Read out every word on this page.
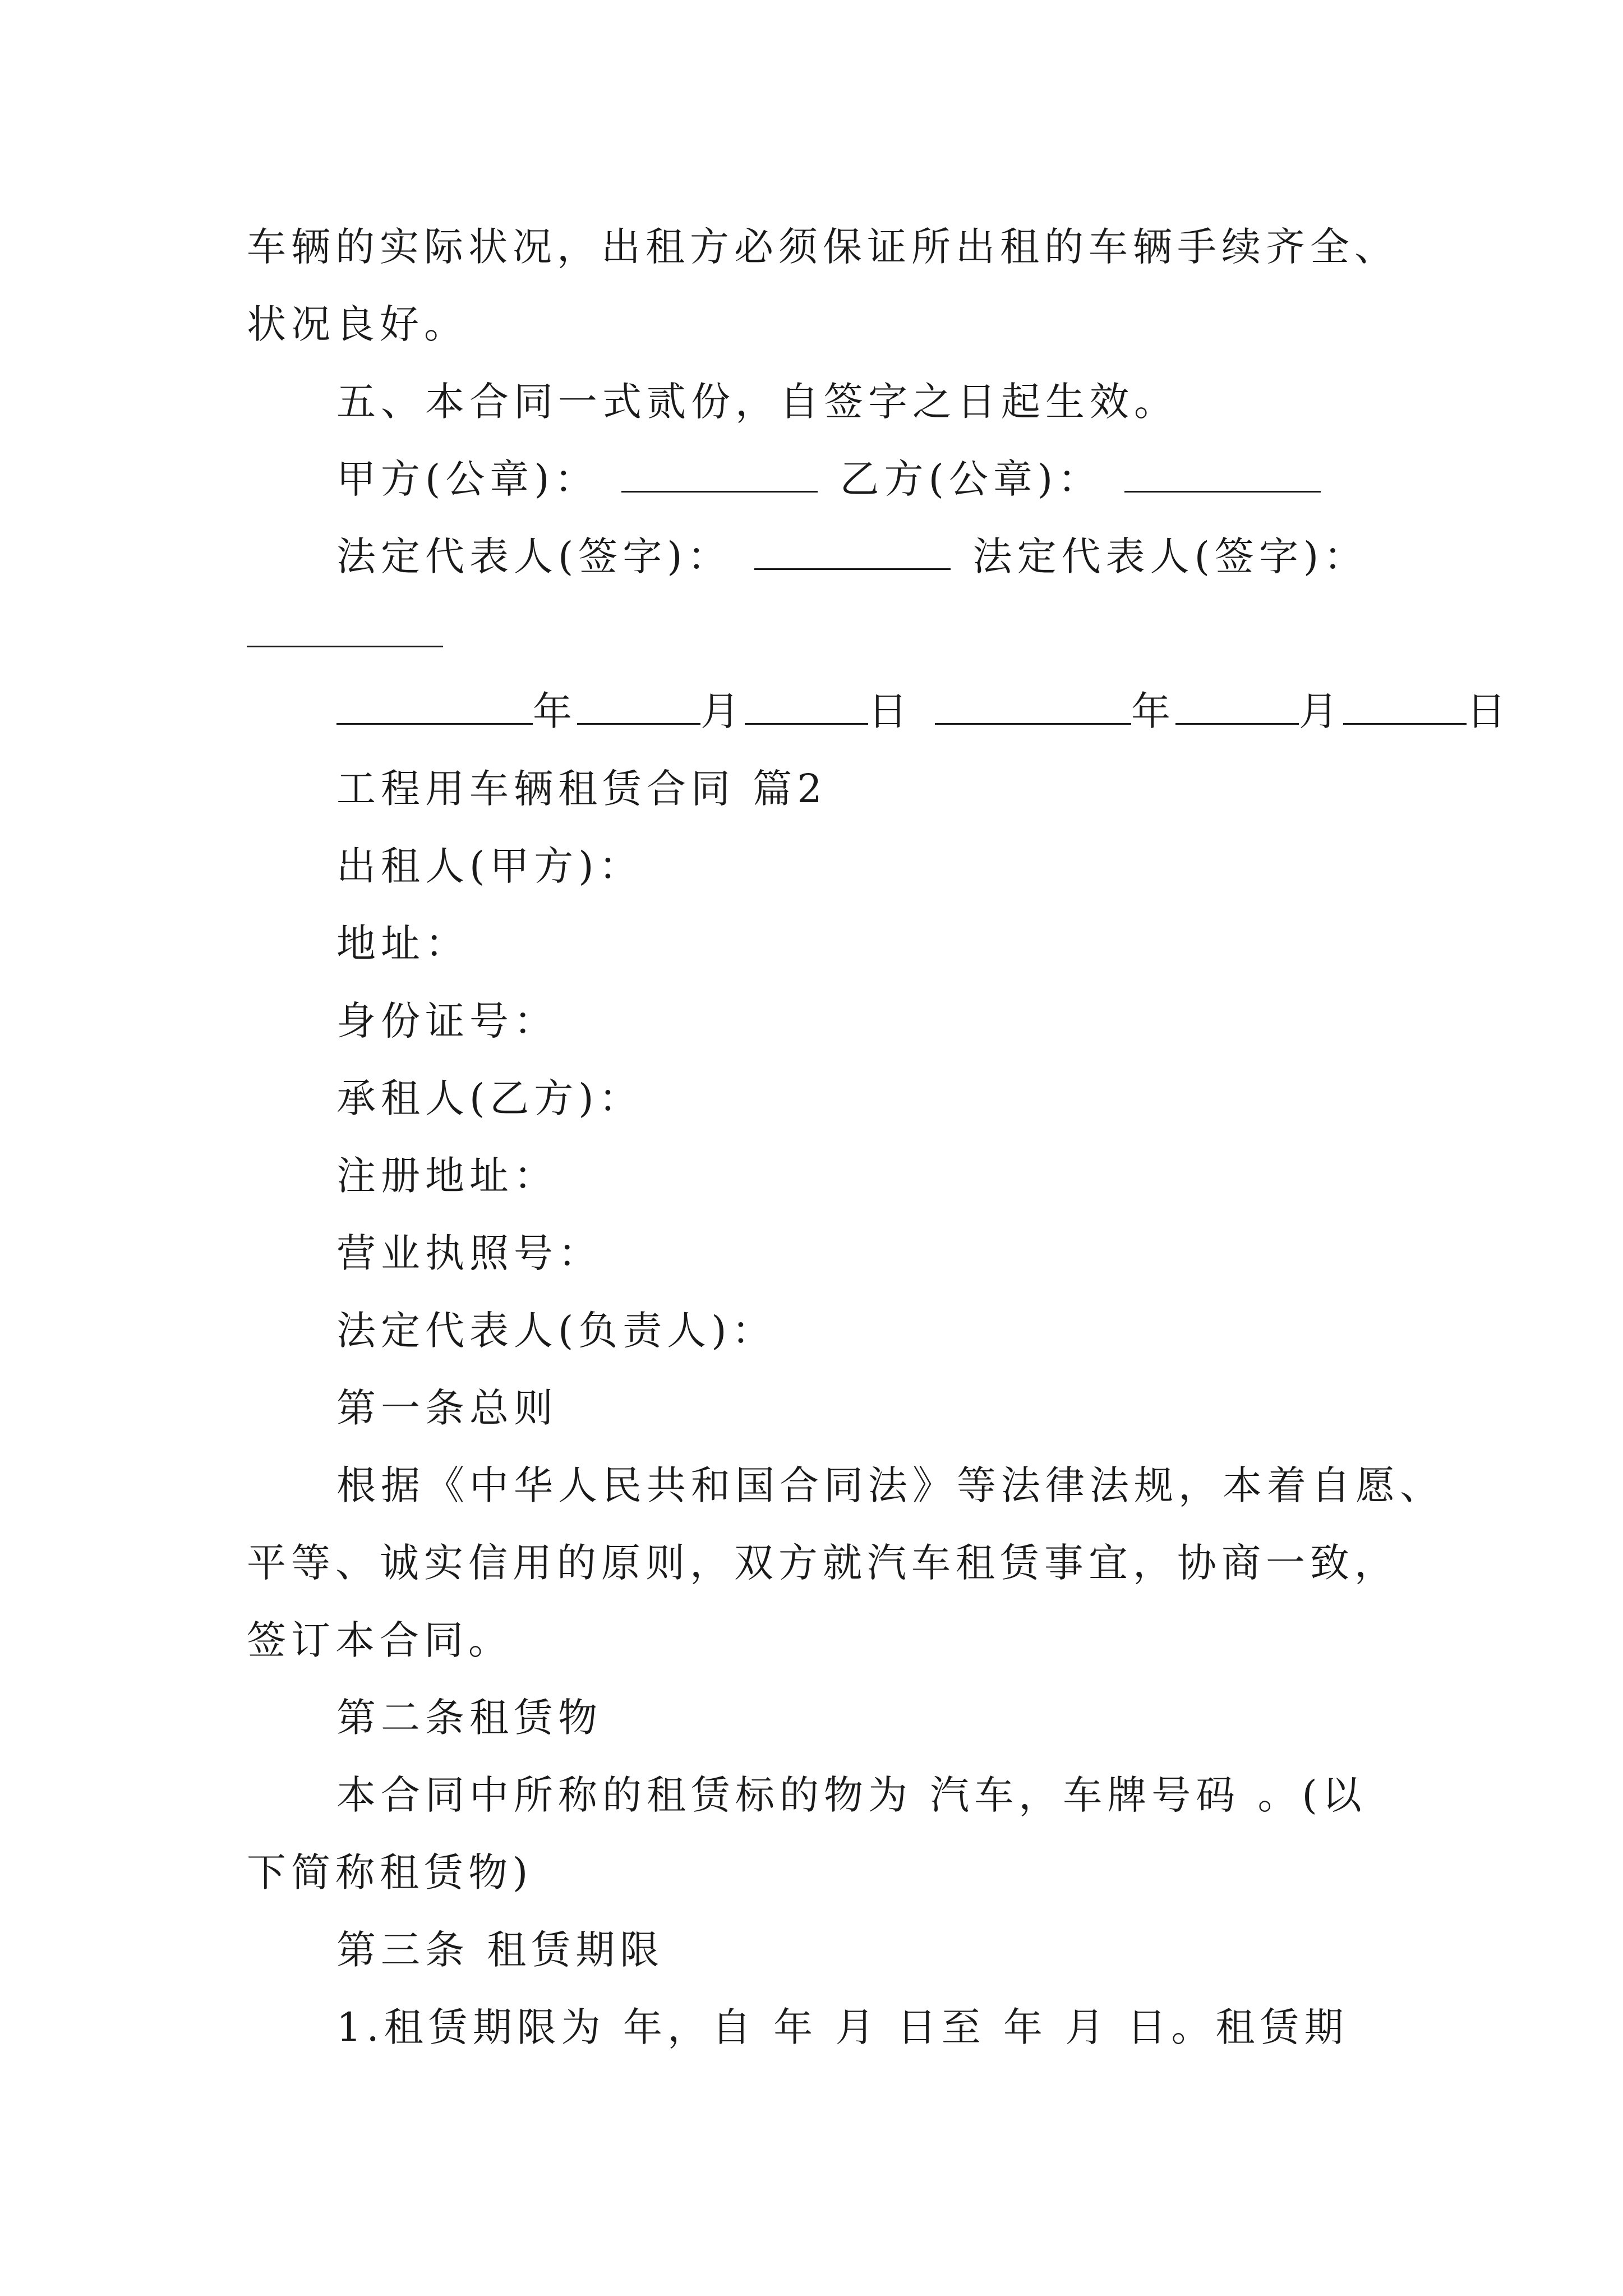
车辆的实际状况，出租方必须保证所出租的车辆手续齐全、
状况良好。
五、本合同一式贰份，自签字之日起生效。
甲方(公章)：	乙方(公章)：
法定代表人(签字)：	法定代表人(签字)：
年	月	日	年	月	日
工程用车辆租赁合同 篇2
出租人(甲方)：
地址：
身份证号：
承租人(乙方)：
注册地址：
营业执照号：
法定代表人(负责人)：
第一条总则
根据《中华人民共和国合同法》等法律法规，本着自愿、
平等、诚实信用的原则，双方就汽车租赁事宜，协商一致，
签订本合同。
第二条租赁物
本合同中所称的租赁标的物为 汽车，车牌号码 。(以
下简称租赁物)
第三条 租赁期限
1.租赁期限为 年，自 年 月 日至 年 月 日。租赁期
